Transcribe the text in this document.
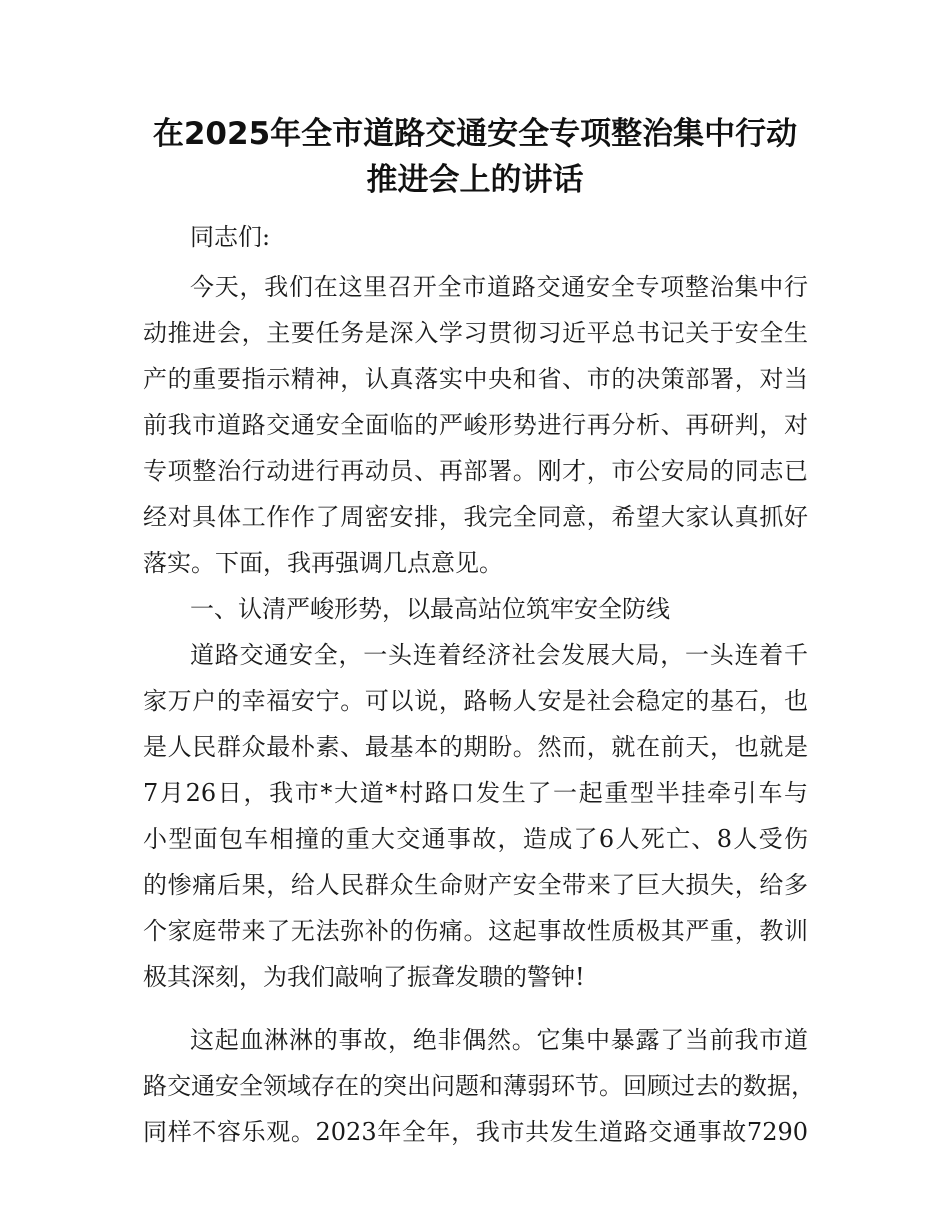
在2025年全市道路交通安全专项整治集中行动
推进会上的讲话
同志们:
今天，我们在这里召开全市道路交通安全专项整治集中行
动推进会，主要任务是深入学习贯彻习近平总书记关于安全生
产的重要指示精神，认真落实中央和省、市的决策部署，对当
前我市道路交通安全面临的严峻形势进行再分析、再研判，对
专项整治行动进行再动员、再部署。刚才，市公安局的同志已
经对具体工作作了周密安排，我完全同意，希望大家认真抓好
落实。下面，我再强调几点意见。
一、认清严峻形势，以最高站位筑牢安全防线
道路交通安全，一头连着经济社会发展大局，一头连着千
家万户的幸福安宁。可以说，路畅人安是社会稳定的基石，也
是人民群众最朴素、最基本的期盼。然而，就在前天，也就是
7月26日，我市*大道*村路口发生了一起重型半挂牵引车与
小型面包车相撞的重大交通事故，造成了6人死亡、8人受伤
的惨痛后果，给人民群众生命财产安全带来了巨大损失，给多
个家庭带来了无法弥补的伤痛。这起事故性质极其严重，教训
极其深刻，为我们敲响了振聋发聩的警钟!
这起血淋淋的事故，绝非偶然。它集中暴露了当前我市道
路交通安全领域存在的突出问题和薄弱环节。回顾过去的数据，
同样不容乐观。2023年全年，我市共发生道路交通事故7290
